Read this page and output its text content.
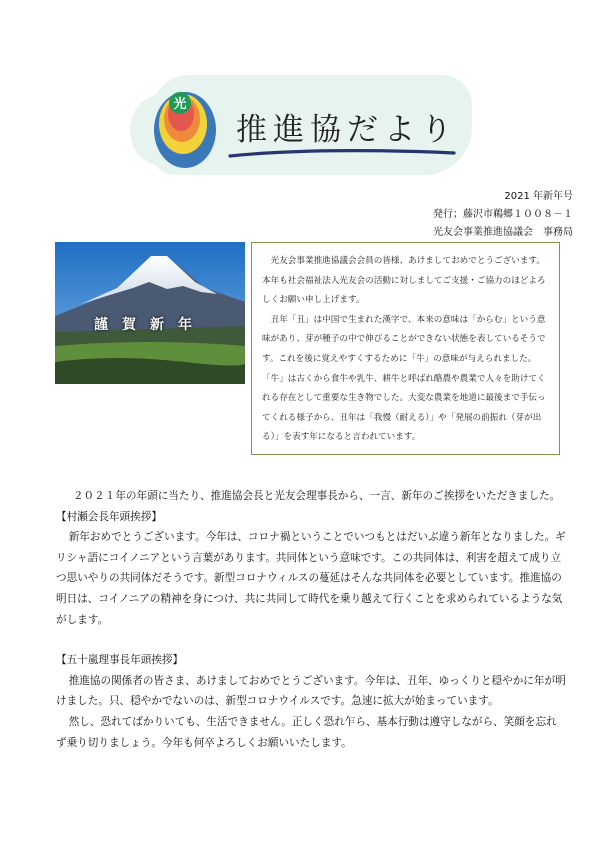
光
推進協だより
2021 年新年号
発行；藤沢市鵜郷１００８－１
光友会事業推進協議会　事務局
謹賀新年

光友会事業推進協議会会員の皆様、あけましておめでとうございます。本年も社会福祉法人光友会の活動に対しましてご支援・ご協力のほどよろしくお願い申し上げます。

丑年「丑」は中国で生まれた漢字で、本来の意味は「からむ」という意味があり、芽が種子の中で伸びることができない状態を表しているそうです。これを後に覚えやすくするために「牛」の意味が与えられました。「牛」は古くから食牛や乳牛、耕牛と呼ばれ酪農や農業で人々を助けてくれる存在として重要な生き物でした。大変な農業を地道に最後まで手伝ってくれる様子から、丑年は「我慢（耐える）」や「発展の前振れ（芽が出る）」を表す年になると言われています。

２０２１年の年頭に当たり、推進協会長と光友会理事長から、一言、新年のご挨拶をいただきました。

【村瀬会長年頭挨拶】

新年おめでとうございます。今年は、コロナ禍ということでいつもとはだいぶ違う新年となりました。ギリシャ語にコイノニアという言葉があります。共同体という意味です。この共同体は、利害を超えて成り立つ思いやりの共同体だそうです。新型コロナウィルスの蔓延はそんな共同体を必要としています。推進協の明日は、コイノニアの精神を身につけ、共に共同して時代を乗り越えて行くことを求められているような気がします。

【五十嵐理事長年頭挨拶】

推進協の関係者の皆さま、あけましておめでとうございます。今年は、丑年、ゆっくりと穏やかに年が明けました。只、穏やかでないのは、新型コロナウイルスです。急速に拡大が始まっています。

然し、恐れてばかりいても、生活できません。正しく恐れ乍ら、基本行動は遵守しながら、笑顔を忘れず乗り切りましょう。今年も何卒よろしくお願いいたします。
